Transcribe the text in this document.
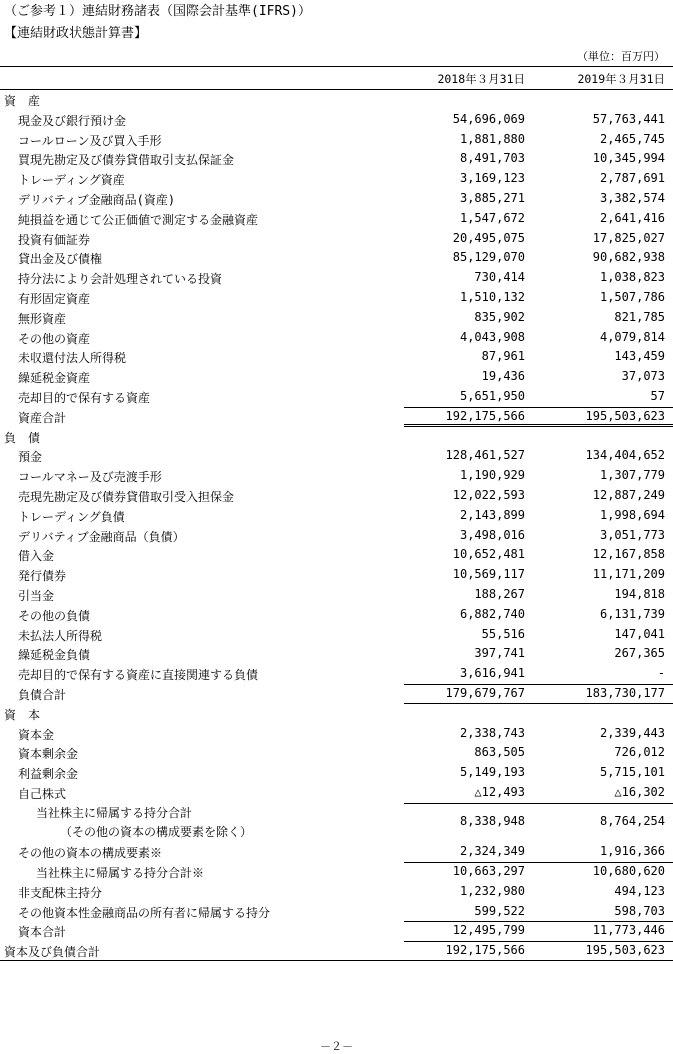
（ご参考１）連結財務諸表（国際会計基準(IFRS)）
【連結財政状態計算書】
（単位：百万円）
2018年３月31日	2019年３月31日
資　産
現金及び銀行預け金	54,696,069	57,763,441
コールローン及び買入手形	1,881,880	2,465,745
買現先勘定及び債券貸借取引支払保証金	8,491,703	10,345,994
トレーディング資産	3,169,123	2,787,691
デリバティブ金融商品(資産)	3,885,271	3,382,574
純損益を通じて公正価値で測定する金融資産	1,547,672	2,641,416
投資有価証券	20,495,075	17,825,027
貸出金及び債権	85,129,070	90,682,938
持分法により会計処理されている投資	730,414	1,038,823
有形固定資産	1,510,132	1,507,786
無形資産	835,902	821,785
その他の資産	4,043,908	4,079,814
未収還付法人所得税	87,961	143,459
繰延税金資産	19,436	37,073
売却目的で保有する資産	5,651,950	57
資産合計	192,175,566	195,503,623
負　債
預金	128,461,527	134,404,652
コールマネー及び売渡手形	1,190,929	1,307,779
売現先勘定及び債券貸借取引受入担保金	12,022,593	12,887,249
トレーディング負債	2,143,899	1,998,694
デリバティブ金融商品（負債）	3,498,016	3,051,773
借入金	10,652,481	12,167,858
発行債券	10,569,117	11,171,209
引当金	188,267	194,818
その他の負債	6,882,740	6,131,739
未払法人所得税	55,516	147,041
繰延税金負債	397,741	267,365
売却目的で保有する資産に直接関連する負債	3,616,941	-
負債合計	179,679,767	183,730,177
資　本
資本金	2,338,743	2,339,443
資本剰余金	863,505	726,012
利益剰余金	5,149,193	5,715,101
自己株式	△12,493	△16,302
当社株主に帰属する持分合計
（その他の資本の構成要素を除く）
8,338,948	8,764,254
その他の資本の構成要素※	2,324,349	1,916,366
当社株主に帰属する持分合計※	10,663,297	10,680,620
非支配株主持分	1,232,980	494,123
その他資本性金融商品の所有者に帰属する持分	599,522	598,703
資本合計	12,495,799	11,773,446
資本及び負債合計	192,175,566	195,503,623
－２－
